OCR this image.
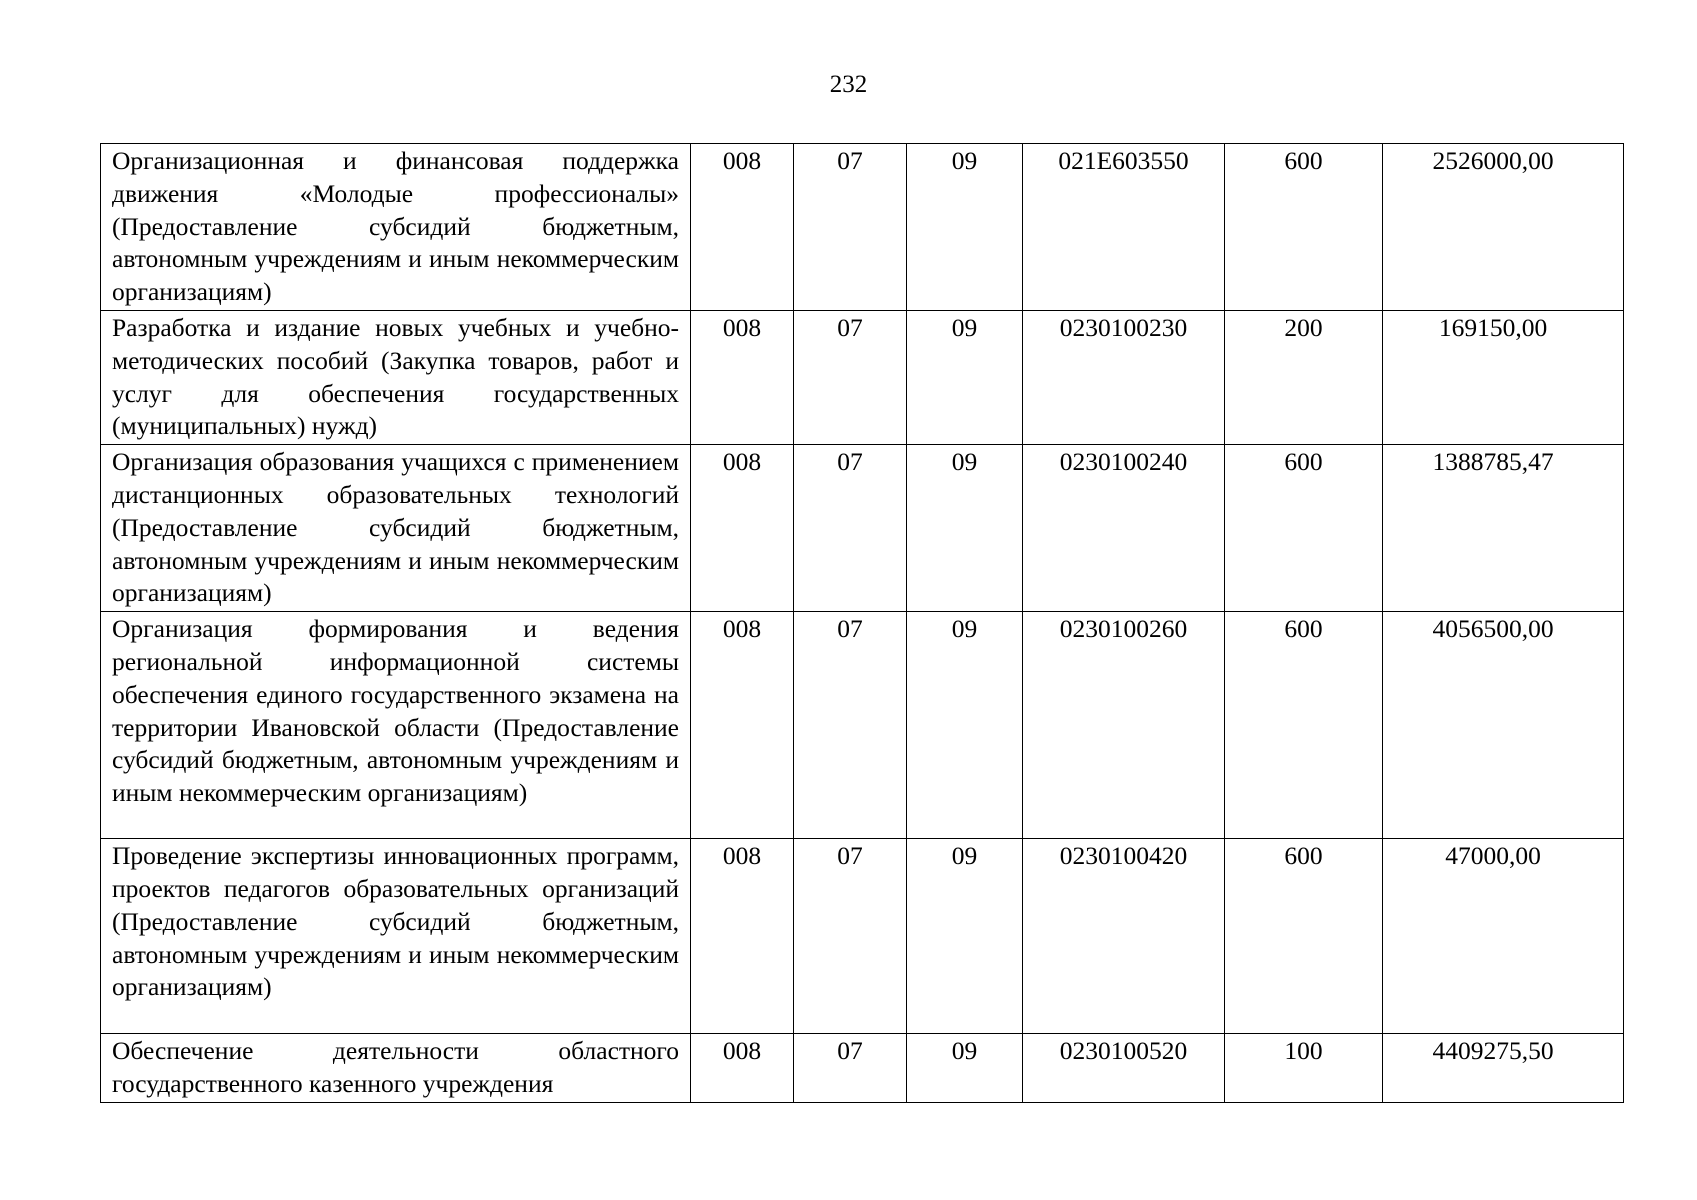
232
Организационная и финансовая поддержка движения «Молодые профессионалы» (Предоставление субсидий бюджетным, автономным учреждениям и иным некоммерческим организациям)	008	07	09	021E603550	600	2526000,00
Разработка и издание новых учебных и учебно-методических пособий (Закупка товаров, работ и услуг для обеспечения государственных (муниципальных) нужд)	008	07	09	0230100230	200	169150,00
Организация образования учащихся с применением дистанционных образовательных технологий (Предоставление субсидий бюджетным, автономным учреждениям и иным некоммерческим организациям)	008	07	09	0230100240	600	1388785,47
Организация формирования и ведения региональной информационной системы обеспечения единого государственного экзамена на территории Ивановской области (Предоставление субсидий бюджетным, автономным учреждениям и иным некоммерческим организациям)	008	07	09	0230100260	600	4056500,00
Проведение экспертизы инновационных программ, проектов педагогов образовательных организаций (Предоставление субсидий бюджетным, автономным учреждениям и иным некоммерческим организациям)	008	07	09	0230100420	600	47000,00
Обеспечение деятельности областного государственного казенного учреждения	008	07	09	0230100520	100	4409275,50
